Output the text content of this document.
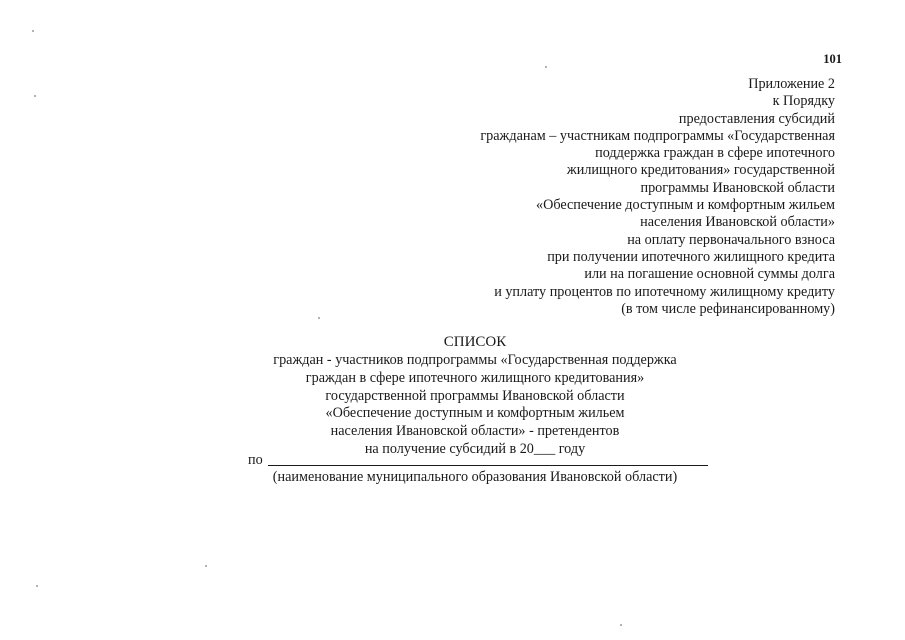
101
Приложение 2
к Порядку
предоставления субсидий
гражданам – участникам подпрограммы «Государственная
поддержка граждан в сфере ипотечного
жилищного кредитования» государственной
программы Ивановской области
«Обеспечение доступным и комфортным жильем
населения Ивановской области»
на оплату первоначального взноса
при получении ипотечного жилищного кредита
или на погашение основной суммы долга
и уплату процентов по ипотечному жилищному кредиту
(в том числе рефинансированному)
СПИСОК
граждан - участников подпрограммы «Государственная поддержка
граждан в сфере ипотечного жилищного кредитования»
государственной программы Ивановской области
«Обеспечение доступным и комфортным жильем
населения Ивановской области» - претендентов
на получение субсидий в 20___ году
по
(наименование муниципального образования Ивановской области)
